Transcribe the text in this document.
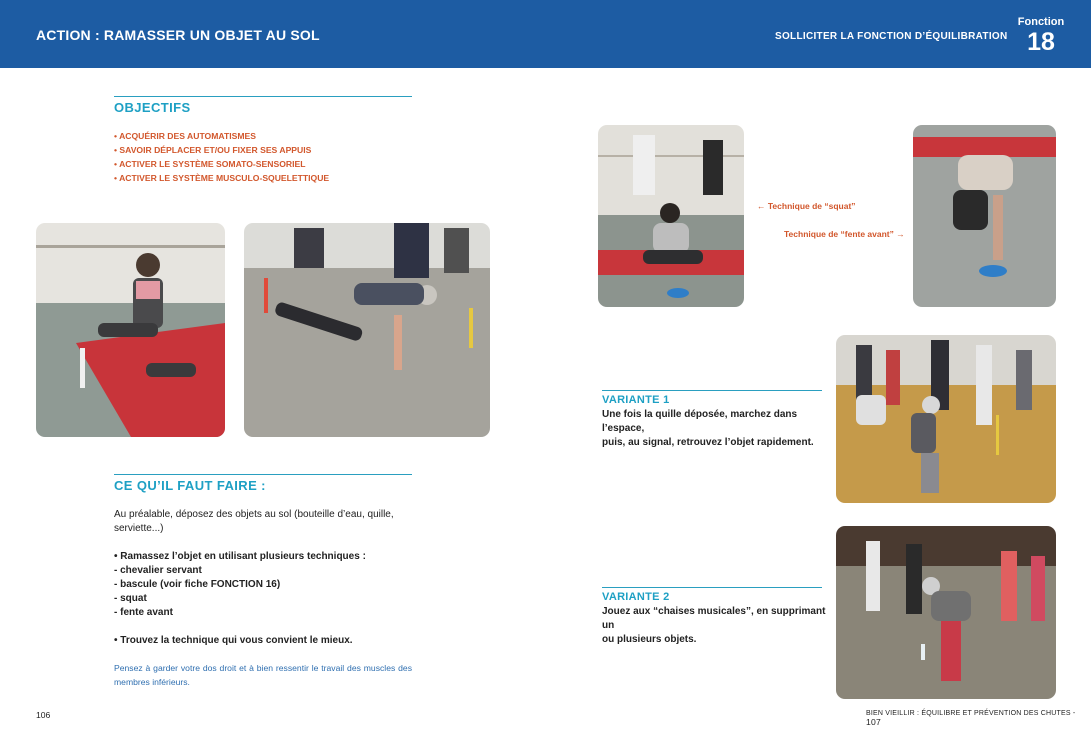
ACTION : RAMASSER UN OBJET AU SOL	SOLLICITER LA FONCTION D’ÉQUILIBRATION
Fonction
18
OBJECTIFS
• ACQUÉRIR DES AUTOMATISMES
• SAVOIR DÉPLACER ET/OU FIXER SES APPUIS
• ACTIVER LE SYSTÈME SOMATO-SENSORIEL
• ACTIVER LE SYSTÈME MUSCULO-SQUELETTIQUE
CE QU’IL FAUT FAIRE :
Au préalable, déposez des objets au sol (bouteille d’eau, quille,
serviette...)
• Ramassez l’objet en utilisant plusieurs techniques :
- chevalier servant
- bascule (voir fiche FONCTION 16)
- squat
- fente avant
• Trouvez la technique qui vous convient le mieux.
Pensez à garder votre dos droit et à bien ressentir le travail des muscles des membres inférieurs.
← Technique de “squat”
Technique de “fente avant” →
VARIANTE 1
Une fois la quille déposée, marchez dans l’espace,
puis, au signal, retrouvez l’objet rapidement.
VARIANTE 2
Jouez aux “chaises musicales”, en supprimant un
ou plusieurs objets.
106	BIEN VIEILLIR : ÉQUILIBRE ET PRÉVENTION DES CHUTES - 107
